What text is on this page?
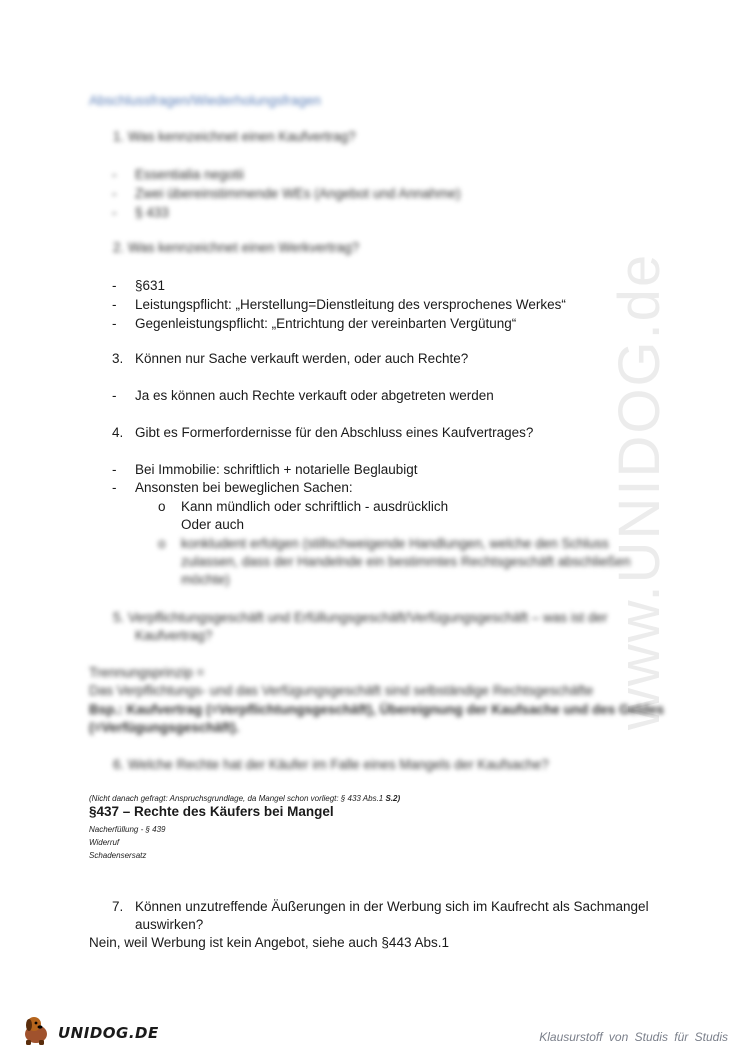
www.UNIDOG.de
Abschlussfragen/Wiederholungsfragen
1. Was kennzeichnet einen Kaufvertrag?
- Essentialia negotii
- Zwei übereinstimmende WEs (Angebot und Annahme)
- § 433
2. Was kennzeichnet einen Werkvertrag?
- §631
- Leistungspflicht: „Herstellung=Dienstleitung des versprochenes Werkes“
- Gegenleistungspflicht: „Entrichtung der vereinbarten Vergütung“
3. Können nur Sache verkauft werden, oder auch Rechte?
- Ja es können auch Rechte verkauft oder abgetreten werden
4. Gibt es Formerfordernisse für den Abschluss eines Kaufvertrages?
- Bei Immobilie: schriftlich + notarielle Beglaubigt
- Ansonsten bei beweglichen Sachen:
o Kann mündlich oder schriftlich - ausdrücklich
Oder auch
o konkludent erfolgen (stillschweigende Handlungen, welche den Schluss
zulassen, dass der Handelnde ein bestimmtes Rechtsgeschäft abschließen
möchte)
5. Verpflichtungsgeschäft und Erfüllungsgeschäft/Verfügungsgeschäft – was ist der
Kaufvertrag?
Trennungsprinzip =
Das Verpflichtungs- und das Verfügungsgeschäft sind selbständige Rechtsgeschäfte
Bsp.: Kaufvertrag (=Verpflichtungsgeschäft), Übereignung der Kaufsache und des Geldes
(=Verfügungsgeschäft).
6. Welche Rechte hat der Käufer im Falle eines Mangels der Kaufsache?
(Nicht danach gefragt: Anspruchsgrundlage, da Mangel schon vorliegt: § 433 Abs.1 S.2)
§437 – Rechte des Käufers bei Mangel
Nacherfüllung - § 439
Widerruf
Schadensersatz
7. Können unzutreffende Äußerungen in der Werbung sich im Kaufrecht als Sachmangel
auswirken?
Nein, weil Werbung ist kein Angebot, siehe auch §443 Abs.1
UNIDOG.DE	Klausurstoff von Studis für Studis
